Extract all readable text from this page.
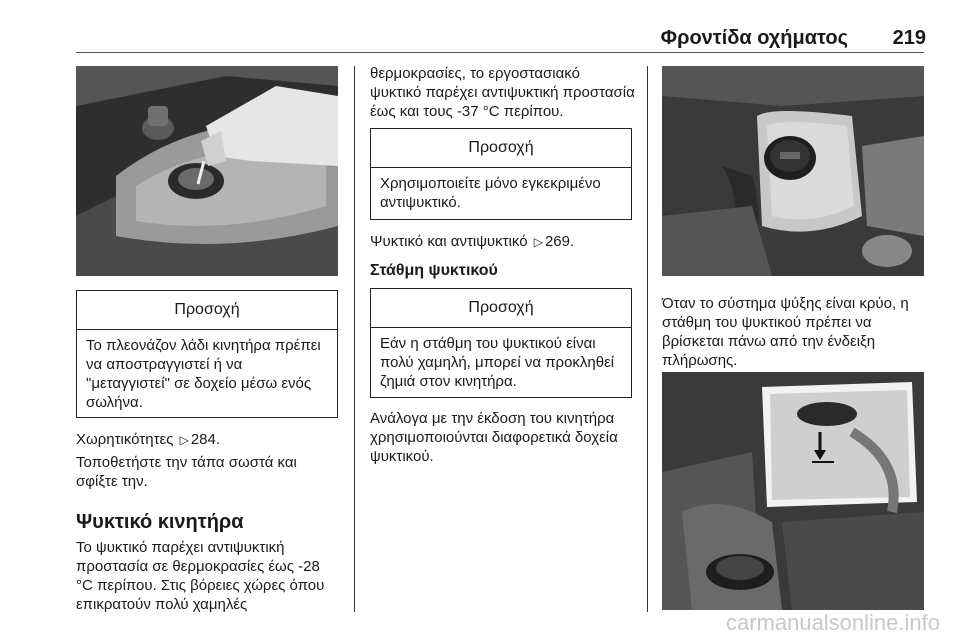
Φροντίδα οχήματος	219
Προσοχή
Το πλεονάζον λάδι κινητήρα πρέπει να αποστραγγιστεί ή να "μεταγγιστεί" σε δοχείο μέσω ενός σωλήνα.
Χωρητικότητες ▷ 284.
Τοποθετήστε την τάπα σωστά και σφίξτε την.
Ψυκτικό κινητήρα
Το ψυκτικό παρέχει αντιψυκτική προστασία σε θερμοκρασίες έως -28 °C περίπου. Στις βόρειες χώρες όπου επικρατούν πολύ χαμηλές
θερμοκρασίες, το εργοστασιακό ψυκτικό παρέχει αντιψυκτική προστασία έως και τους -37 °C περίπου.
Προσοχή
Χρησιμοποιείτε μόνο εγκεκριμένο αντιψυκτικό.
Ψυκτικό και αντιψυκτικό ▷ 269.
Στάθμη ψυκτικού
Προσοχή
Εάν η στάθμη του ψυκτικού είναι πολύ χαμηλή, μπορεί να προκληθεί ζημιά στον κινητήρα.
Ανάλογα με την έκδοση του κινητήρα χρησιμοποιούνται διαφορετικά δοχεία ψυκτικού.
Όταν το σύστημα ψύξης είναι κρύο, η στάθμη του ψυκτικού πρέπει να βρίσκεται πάνω από την ένδειξη πλήρωσης.
carmanualsonline.info
